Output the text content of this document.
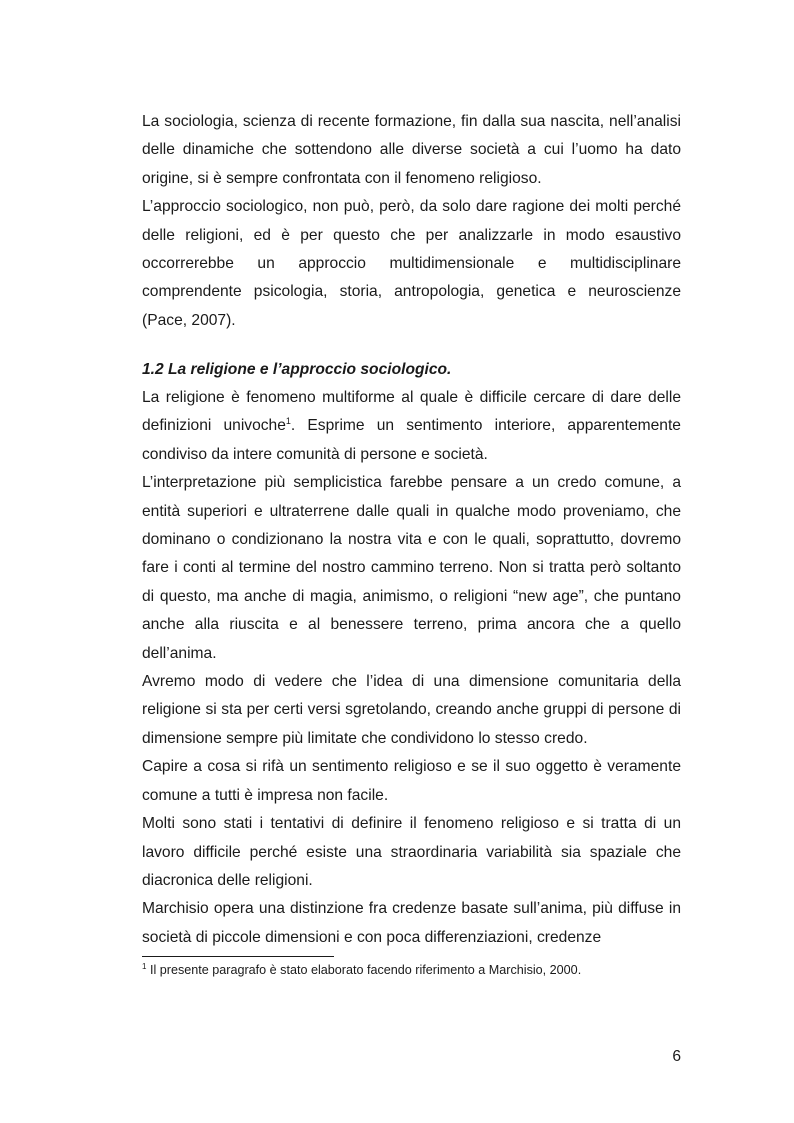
La sociologia, scienza di recente formazione, fin dalla sua nascita, nell’analisi delle dinamiche che sottendono alle diverse società a cui l’uomo ha dato origine, si è sempre confrontata con il fenomeno religioso.

L’approccio sociologico, non può, però, da solo dare ragione dei molti perché delle religioni, ed è per questo che per analizzarle in modo esaustivo occorrerebbe un approccio multidimensionale e multidisciplinare comprendente psicologia, storia, antropologia, genetica e neuroscienze (Pace, 2007).

1.2 La religione e l’approccio sociologico.

La religione è fenomeno multiforme al quale è difficile cercare di dare delle definizioni univoche$^1$. Esprime un sentimento interiore, apparentemente condiviso da intere comunità di persone e società.

L’interpretazione più semplicistica farebbe pensare a un credo comune, a entità superiori e ultraterrene dalle quali in qualche modo proveniamo, che dominano o condizionano la nostra vita e con le quali, soprattutto, dovremo fare i conti al termine del nostro cammino terreno. Non si tratta però soltanto di questo, ma anche di magia, animismo, o religioni “new age”, che puntano anche alla riuscita e al benessere terreno, prima ancora che a quello dell’anima.

Avremo modo di vedere che l’idea di una dimensione comunitaria della religione si sta per certi versi sgretolando, creando anche gruppi di persone di dimensione sempre più limitate che condividono lo stesso credo.

Capire a cosa si rifà un sentimento religioso e se il suo oggetto è veramente comune a tutti è impresa non facile.

Molti sono stati i tentativi di definire il fenomeno religioso e si tratta di un lavoro difficile perché esiste una straordinaria variabilità sia spaziale che diacronica delle religioni.

Marchisio opera una distinzione fra credenze basate sull’anima, più diffuse in società di piccole dimensioni e con poca differenziazioni, credenze

$^1$ Il presente paragrafo è stato elaborato facendo riferimento a Marchisio, 2000.

6
